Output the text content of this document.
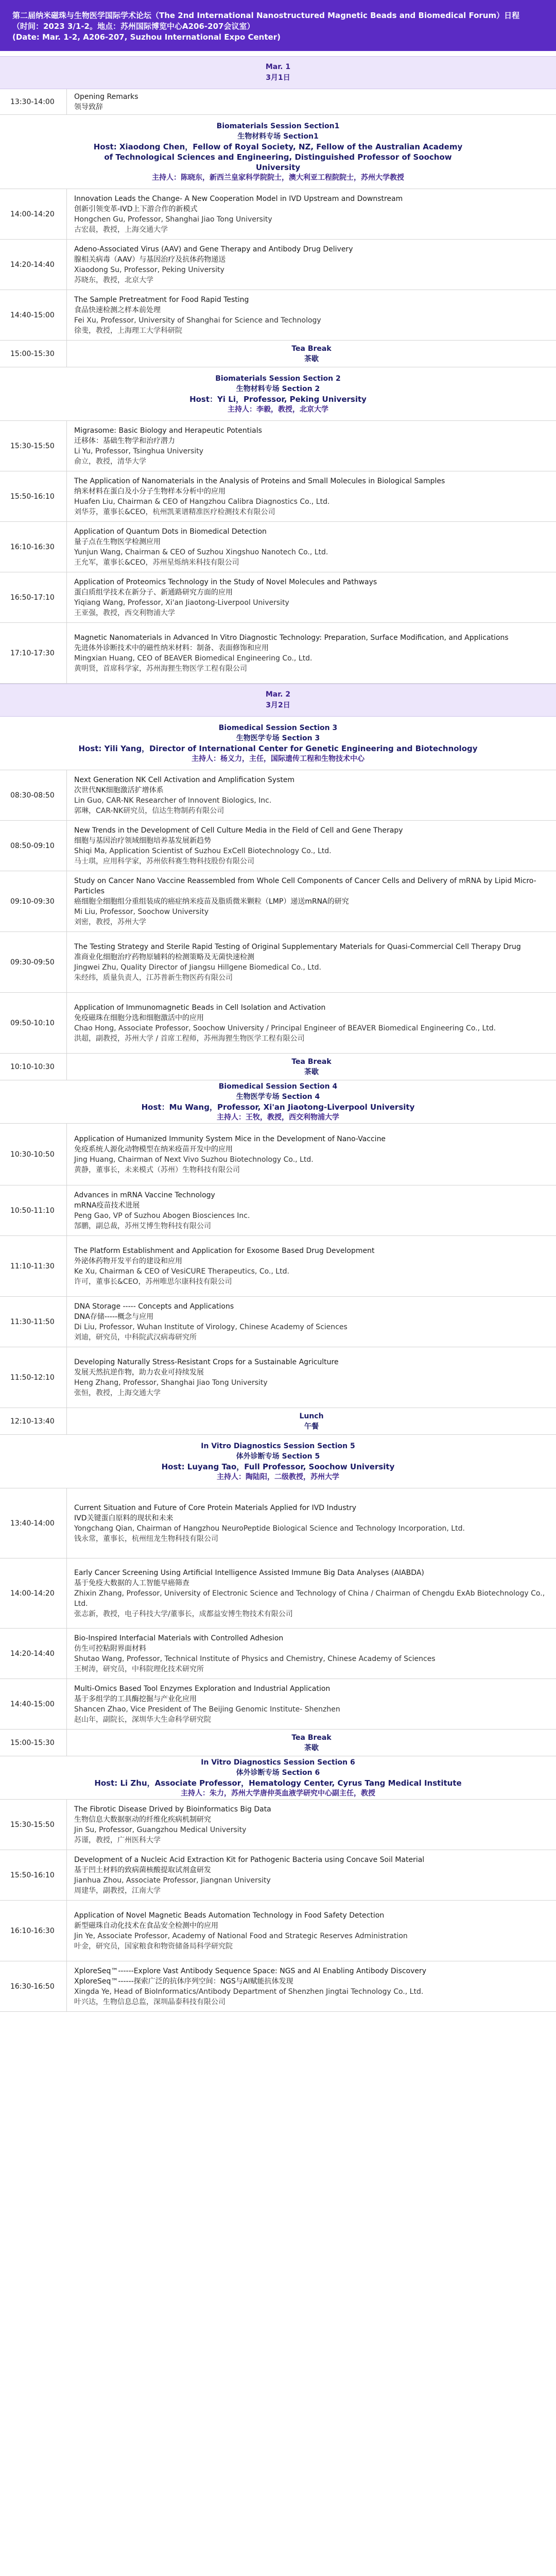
第二届纳米磁珠与生物医学国际学术论坛（The 2nd International Nanostructured Magnetic Beads and Biomedical Forum）日程
（时间：2023 3/1-2。地点：苏州国际博览中心A206-207会议室）
(Date: Mar. 1-2, A206-207, Suzhou International Expo Center)
Mar. 1
3月1日
13:30-14:00
Opening Remarks
领导致辞
Biomaterials Session Section1
生物材料专场 Section1
Host: Xiaodong Chen，Fellow of Royal Society, NZ, Fellow of the Australian Academy
of Technological Sciences and Engineering, Distinguished Professor of Soochow
University
主持人：陈晓东，新西兰皇家科学院院士，澳大利亚工程院院士，苏州大学教授
14:00-14:20
Innovation Leads the Change- A New Cooperation Model in IVD Upstream and Downstream
创新引领变革-IVD上下游合作的新模式
Hongchen Gu, Professor, Shanghai Jiao Tong University
古宏晨，教授，上海交通大学
14:20-14:40
Adeno-Associated Virus (AAV) and Gene Therapy and Antibody Drug Delivery
腺相关病毒（AAV）与基因治疗及抗体药物递送
Xiaodong Su, Professor, Peking University
苏晓东，教授，北京大学
14:40-15:00
The Sample Pretreatment for Food Rapid Testing
食品快速检测之样本前处理
Fei Xu, Professor, University of Shanghai for Science and Technology
徐斐，教授，上海理工大学科研院
15:00-15:30
Tea Break
茶歇
Biomaterials Session Section 2
生物材料专场 Section 2
Host：Yi Li，Professor, Peking University
主持人：李毅，教授，北京大学
15:30-15:50
Migrasome: Basic Biology and Herapeutic Potentials
迁移体：基础生物学和治疗潜力
Li Yu, Professor, Tsinghua University
俞立，教授，清华大学
15:50-16:10
The Application of Nanomaterials in the Analysis of Proteins and Small Molecules in Biological Samples
纳米材料在蛋白及小分子生物样本分析中的应用
Huafen Liu, Chairman & CEO of Hangzhou Calibra Diagnostics Co., Ltd.
刘华芬，董事长&CEO，杭州凯莱谱精准医疗检测技术有限公司
16:10-16:30
Application of Quantum Dots in Biomedical Detection
量子点在生物医学检测应用
Yunjun Wang, Chairman & CEO of Suzhou Xingshuo Nanotech Co., Ltd.
王允军，董事长&CEO，苏州星烁纳米科技有限公司
16:50-17:10
Application of Proteomics Technology in the Study of Novel Molecules and Pathways
蛋白质组学技术在新分子、新通路研究方面的应用
Yiqiang Wang, Professor, Xi'an Jiaotong-Liverpool University
王亚强，教授，西交利物浦大学
17:10-17:30
Magnetic Nanomaterials in Advanced In Vitro Diagnostic Technology: Preparation, Surface Modification, and Applications
先进体外诊断技术中的磁性纳米材料：制备、表面修饰和应用
Mingxian Huang, CEO of BEAVER Biomedical Engineering Co., Ltd.
黄明贤，首席科学家，苏州海狸生物医学工程有限公司
Mar. 2
3月2日
Biomedical Session Section 3
生物医学专场 Section 3
Host: Yili Yang，Director of International Center for Genetic Engineering and Biotechnology
主持人：杨义力，主任，国际遗传工程和生物技术中心
08:30-08:50
Next Generation NK Cell Activation and Amplification System
次世代NK细胞激活扩增体系
Lin Guo, CAR-NK Researcher of Innovent Biologics, Inc.
郭琳，CAR-NK研究员，信达生物制药有限公司
08:50-09:10
New Trends in the Development of Cell Culture Media in the Field of Cell and Gene Therapy
细胞与基因治疗领域细胞培养基发展新趋势
Shiqi Ma, Application Scientist of Suzhou ExCell Biotechnology Co., Ltd.
马士琪，应用科学家，苏州依科赛生物科技股份有限公司
09:10-09:30
Study on Cancer Nano Vaccine Reassembled from Whole Cell Components of Cancer Cells and Delivery of mRNA by Lipid Micro-Particles
癌细胞全细胞组分重组装成的癌症纳米疫苗及脂质微米颗粒（LMP）递送mRNA的研究
Mi Liu, Professor, Soochow University
刘密，教授，苏州大学
09:30-09:50
The Testing Strategy and Sterile Rapid Testing of Original Supplementary Materials for Quasi-Commercial Cell Therapy Drug
准商业化细胞治疗药物原辅料的检测策略及无菌快速检测
Jingwei Zhu, Quality Director of Jiangsu Hillgene Biomedical Co., Ltd.
朱经纬，质量负责人，江苏普新生物医药有限公司
09:50-10:10
Application of Immunomagnetic Beads in Cell Isolation and Activation
免疫磁珠在细胞分选和细胞激活中的应用
Chao Hong, Associate Professor, Soochow University / Principal Engineer of BEAVER Biomedical Engineering Co., Ltd.
洪超，副教授，苏州大学 / 首席工程师，苏州海狸生物医学工程有限公司
10:10-10:30
Tea Break
茶歇
Biomedical Session Section 4
生物医学专场 Section 4
Host：Mu Wang，Professor, Xi'an Jiaotong-Liverpool University
主持人：王牧，教授，西交利物浦大学
10:30-10:50
Application of Humanized Immunity System Mice in the Development of Nano-Vaccine
免疫系统人源化动物模型在纳米疫苗开发中的应用
Jing Huang, Chairman of Next Vivo Suzhou Biotechnology Co., Ltd.
黄静，董事长，未来模式（苏州）生物科技有限公司
10:50-11:10
Advances in mRNA Vaccine Technology
mRNA疫苗技术进展
Peng Gao, VP of Suzhou Abogen Biosciences Inc.
郜鹏，副总裁，苏州艾博生物科技有限公司
11:10-11:30
The Platform Establishment and Application for Exosome Based Drug Development
外泌体药物开发平台的建设和应用
Ke Xu, Chairman & CEO of VesiCURE Therapeutics, Co., Ltd.
许可，董事长&CEO，苏州唯思尔康科技有限公司
11:30-11:50
DNA Storage ----- Concepts and Applications
DNA存储-----概念与应用
Di Liu, Professor, Wuhan Institute of Virology, Chinese Academy of Sciences
刘迪，研究员，中科院武汉病毒研究所
11:50-12:10
Developing Naturally Stress-Resistant Crops for a Sustainable Agriculture
发展天然抗逆作物，助力农业可持续发展
Heng Zhang, Professor, Shanghai Jiao Tong University
张恒，教授，上海交通大学
12:10-13:40
Lunch
午餐
In Vitro Diagnostics Session Section 5
体外诊断专场 Section 5
Host: Luyang Tao，Full Professor, Soochow University
主持人：陶陆阳，二级教授，苏州大学
13:40-14:00
Current Situation and Future of Core Protein Materials Applied for IVD Industry
IVD关键蛋白原料的现状和未来
Yongchang Qian, Chairman of Hangzhou NeuroPeptide Biological Science and Technology Incorporation, Ltd.
钱永常，董事长，杭州纽龙生物科技有限公司
14:00-14:20
Early Cancer Screening Using Artificial Intelligence Assisted Immune Big Data Analyses (AIABDA)
基于免疫大数据的人工智能早癌筛查
Zhixin Zhang, Professor, University of Electronic Science and Technology of China / Chairman of Chengdu ExAb Biotechnology Co., Ltd.
张志新，教授，电子科技大学/董事长，成都益安博生物技术有限公司
14:20-14:40
Bio-Inspired Interfacial Materials with Controlled Adhesion
仿生可控粘附界面材料
Shutao Wang, Professor, Technical Institute of Physics and Chemistry, Chinese Academy of Sciences
王树涛，研究员，中科院理化技术研究所
14:40-15:00
Multi-Omics Based Tool Enzymes Exploration and Industrial Application
基于多组学的工具酶挖掘与产业化应用
Shancen Zhao, Vice President of The Beijing Genomic Institute- Shenzhen
赵山年，副院长，深圳华大生命科学研究院
15:00-15:30
Tea Break
茶歇
In Vitro Diagnostics Session Section 6
体外诊断专场 Section 6
Host: Li Zhu，Associate Professor，Hematology Center, Cyrus Tang Medical Institute
主持人：朱力，苏州大学唐仲英血液学研究中心副主任，教授
15:30-15:50
The Fibrotic Disease Drived by Bioinformatics Big Data
生物信息大数据驱动的纤维化疾病机制研究
Jin Su, Professor, Guangzhou Medical University
苏谨，教授，广州医科大学
15:50-16:10
Development of a Nucleic Acid Extraction Kit for Pathogenic Bacteria using Concave Soil Material
基于凹土材料的致病菌核酸提取试剂盒研发
Jianhua Zhou, Associate Professor, Jiangnan University
周建华，副教授，江南大学
16:10-16:30
Application of Novel Magnetic Beads Automation Technology in Food Safety Detection
新型磁珠自动化技术在食品安全检测中的应用
Jin Ye, Associate Professor, Academy of National Food and Strategic Reserves Administration
叶金，研究员，国家粮食和物资储备局科学研究院
16:30-16:50
XploreSeq™------Explore Vast Antibody Sequence Space: NGS and AI Enabling Antibody Discovery
XploreSeq™------探索广泛的抗体序列空间：NGS与AI赋能抗体发现
Xingda Ye, Head of BioInformatics/Antibody Department of Shenzhen Jingtai Technology Co., Ltd.
叶兴达，生物信息总监，深圳晶泰科技有限公司
